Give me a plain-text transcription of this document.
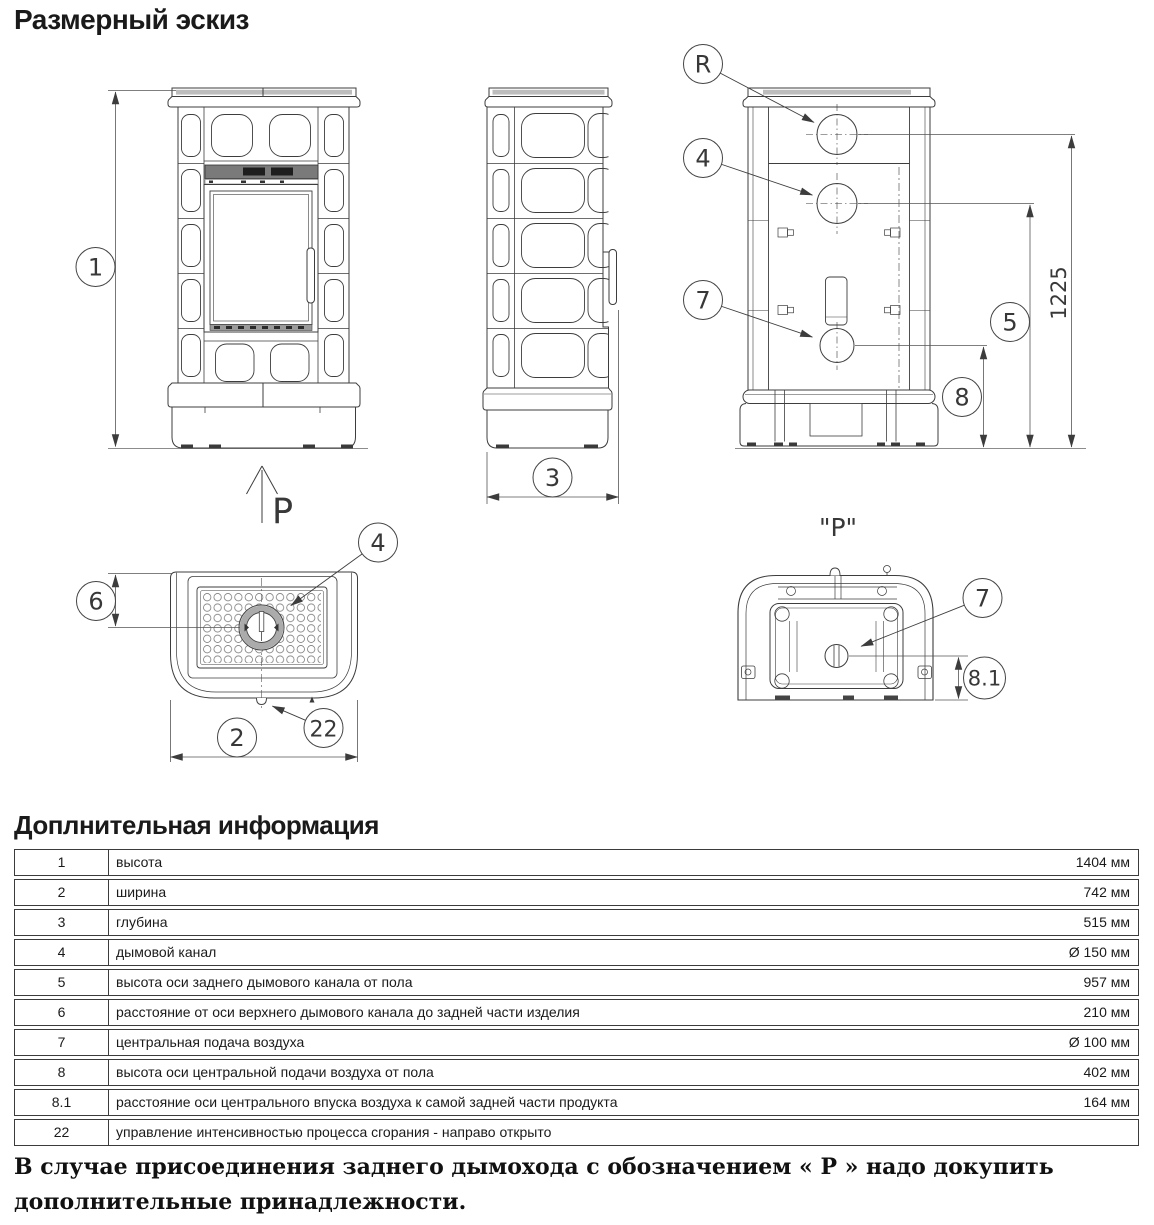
Размерный эскиз
1
P
3
1225
R
4
7
5
8
6
4
2	22
"P"
7
8.1
Доплнительная информация
1	высота	1404 мм
2	ширина	742 мм
3	глубина	515 мм
4	дымовой канал	Ø 150 мм
5	высота оси заднего дымового канала от пола	957 мм
6	расстояние от оси верхнего дымового канала до задней части изделия	210 мм
7	центральная подача воздуха	Ø 100 мм
8	высота оси центральной подачи воздуха от пола	402 мм
8.1	расстояние оси центрального впуска воздуха к самой задней части продукта	164 мм
22	управление интенсивностью процесса сгорания - направо открыто
В случае присоединения заднего дымохода с обозначением « Р » надо докупить дополнительные принадлежности.
